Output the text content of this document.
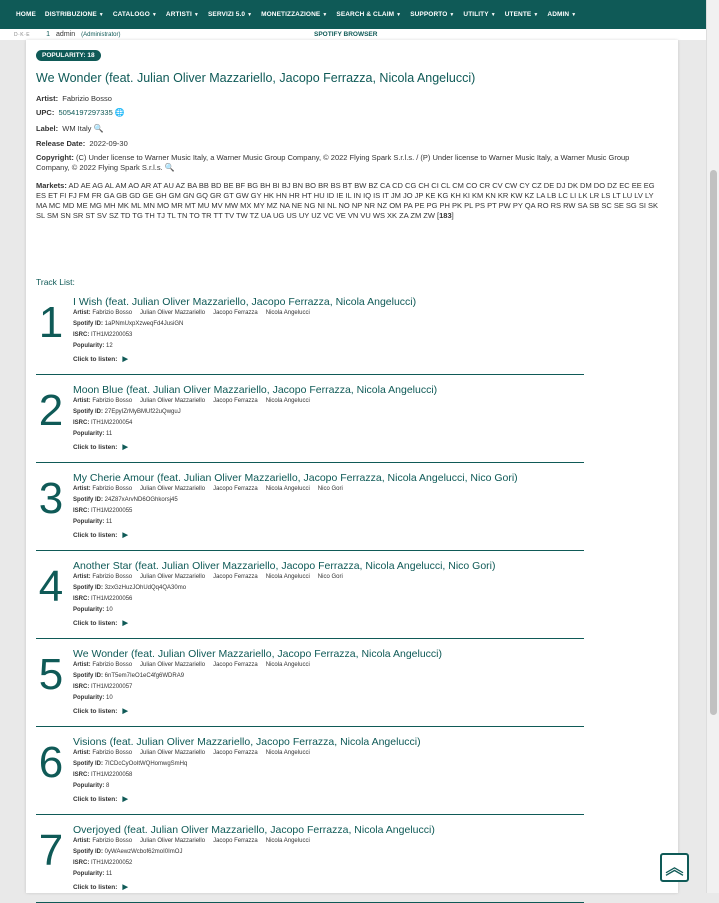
HOME DISTRIBUZIONE ▼ CATALOGO ▼ ARTISTI ▼ SERVIZI 5.0 ▼ MONETIZZAZIONE ▼ SEARCH & CLAIM ▼ SUPPORTO ▼ UTILITY ▼ UTENTE ▼ ADMIN ▼
D·K·E 1 admin (Administrator)	SPOTIFY BROWSER
POPULARITY: 18
We Wonder (feat. Julian Oliver Mazzariello, Jacopo Ferrazza, Nicola Angelucci)
Artist: Fabrizio Bosso
UPC: 5054197297335 🌐
Label: WM Italy 🔍
Release Date: 2022-09-30
Copyright: (C) Under license to Warner Music Italy, a Warner Music Group Company, © 2022 Flying Spark S.r.l.s. / (P) Under license to Warner Music Italy, a Warner Music Group Company, © 2022 Flying Spark S.r.l.s. 🔍
Markets: AD AE AG AL AM AO AR AT AU AZ BA BB BD BE BF BG BH BI BJ BN BO BR BS BT BW BZ CA CD CG CH CI CL CM CO CR CV CW CY CZ DE DJ DK DM DO DZ EC EE EG ES ET FI FJ FM FR GA GB GD GE GH GM GN GQ GR GT GW GY HK HN HR HT HU ID IE IL IN IQ IS IT JM JO JP KE KG KH KI KM KN KR KW KZ LA LB LC LI LK LR LS LT LU LV LY MA MC MD ME MG MH MK ML MN MO MR MT MU MV MW MX MY MZ NA NE NG NI NL NO NP NR NZ OM PA PE PG PH PK PL PS PT PW PY QA RO RS RW SA SB SC SE SG SI SK SL SM SN SR ST SV SZ TD TG TH TJ TL TN TO TR TT TV TW TZ UA UG US UY UZ VC VE VN VU WS XK ZA ZM ZW [183]
Track List:
1 I Wish (feat. Julian Oliver Mazzariello, Jacopo Ferrazza, Nicola Angelucci)
Artist: Fabrizio Bosso Julian Oliver Mazzariello Jacopo Ferrazza Nicola Angelucci
Spotify ID: 1aPNmUxpXzweqFd4JusiGN
ISRC: ITH1M2200053
Popularity: 12
Click to listen: ▶
2 Moon Blue (feat. Julian Oliver Mazzariello, Jacopo Ferrazza, Nicola Angelucci)
Artist: Fabrizio Bosso Julian Oliver Mazzariello Jacopo Ferrazza Nicola Angelucci
Spotify ID: 27EpyIZrMyBMUf22uQwguJ
ISRC: ITH1M2200054
Popularity: 11
Click to listen: ▶
3 My Cherie Amour (feat. Julian Oliver Mazzariello, Jacopo Ferrazza, Nicola Angelucci, Nico Gori)
Artist: Fabrizio Bosso Julian Oliver Mazzariello Jacopo Ferrazza Nicola Angelucci Nico Gori
Spotify ID: 24Z87xArvND6OGhkorsj45
ISRC: ITH1M2200055
Popularity: 11
Click to listen: ▶
4 Another Star (feat. Julian Oliver Mazzariello, Jacopo Ferrazza, Nicola Angelucci, Nico Gori)
Artist: Fabrizio Bosso Julian Oliver Mazzariello Jacopo Ferrazza Nicola Angelucci Nico Gori
Spotify ID: 3zxGzHuzJOhUdQq4QA30mo
ISRC: ITH1M2200056
Popularity: 10
Click to listen: ▶
5 We Wonder (feat. Julian Oliver Mazzariello, Jacopo Ferrazza, Nicola Angelucci)
Artist: Fabrizio Bosso Julian Oliver Mazzariello Jacopo Ferrazza Nicola Angelucci
Spotify ID: 6nT5em7IeO1eC4fg6WDRA9
ISRC: ITH1M2200057
Popularity: 10
Click to listen: ▶
6 Visions (feat. Julian Oliver Mazzariello, Jacopo Ferrazza, Nicola Angelucci)
Artist: Fabrizio Bosso Julian Oliver Mazzariello Jacopo Ferrazza Nicola Angelucci
Spotify ID: 7ICDcCyOoItWQHomwgSmHq
ISRC: ITH1M2200058
Popularity: 8
Click to listen: ▶
7 Overjoyed (feat. Julian Oliver Mazzariello, Jacopo Ferrazza, Nicola Angelucci)
Artist: Fabrizio Bosso Julian Oliver Mazzariello Jacopo Ferrazza Nicola Angelucci
Spotify ID: 0yWAewzWcbof62moI0ImOJ
ISRC: ITH1M2200052
Popularity: 11
Click to listen: ▶
︽
